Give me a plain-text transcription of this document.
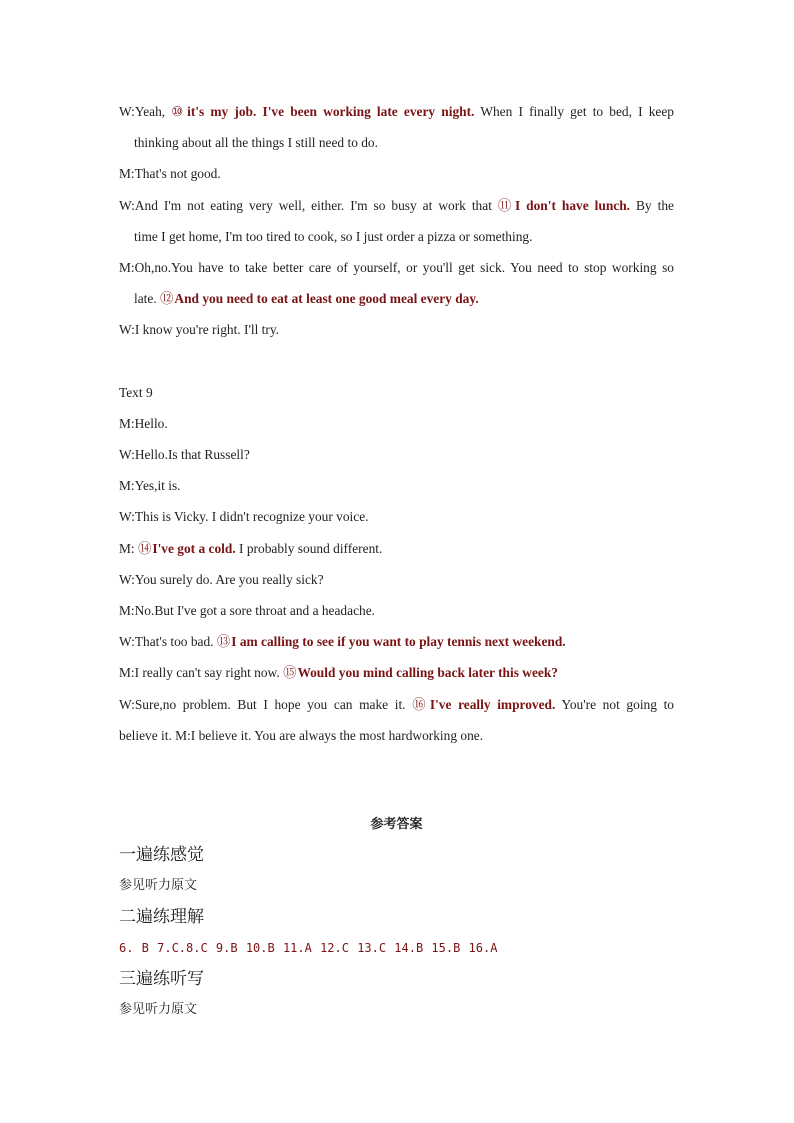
W:Yeah, ⑩it's my job. I've been working late every night. When I finally get to bed, I keep
thinking about all the things I still need to do.
M:That's not good.
W:And I'm not eating very well, either. I'm so busy at work that ⑪I don't have lunch. By the
time I get home, I'm too tired to cook, so I just order a pizza or something.
M:Oh,no.You have to take better care of yourself, or you'll get sick. You need to stop working so
late. ⑫And you need to eat at least one good meal every day.
W:I know you're right. I'll try.
Text 9
M:Hello.
W:Hello.Is that Russell?
M:Yes,it is.
W:This is Vicky. I didn't recognize your voice.
M: ⑭I've got a cold. I probably sound different.
W:You surely do. Are you really sick?
M:No.But I've got a sore throat and a headache.
W:That's too bad. ⑬I am calling to see if you want to play tennis next weekend.
M:I really can't say right now. ⑮Would you mind calling back later this week?
W:Sure,no problem. But I hope you can make it. ⑯I've really improved. You're not going to
believe it. M:I believe it. You are always the most hardworking one.
参考答案
一遍练感觉
参见听力原文
二遍练理解
6. B 7.C.8.C 9.B 10.B 11.A 12.C 13.C 14.B 15.B 16.A
三遍练听写
参见听力原文
